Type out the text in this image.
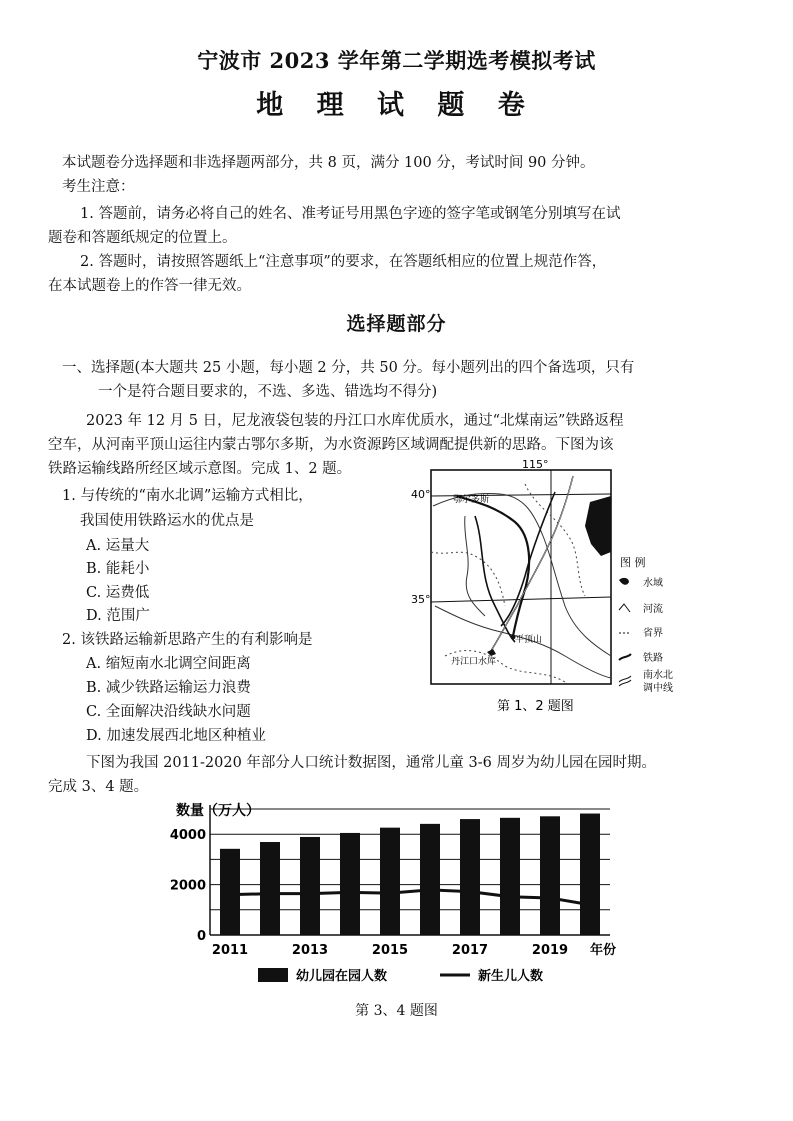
宁波市 2023 学年第二学期选考模拟考试
地 理 试 题 卷
本试题卷分选择题和非选择题两部分，共 8 页，满分 100 分，考试时间 90 分钟。
考生注意：
1. 答题前，请务必将自己的姓名、准考证号用黑色字迹的签字笔或钢笔分别填写在试
题卷和答题纸规定的位置上。
2. 答题时，请按照答题纸上“注意事项”的要求，在答题纸相应的位置上规范作答，
在本试题卷上的作答一律无效。
选择题部分
一、选择题(本大题共 25 小题，每小题 2 分，共 50 分。每小题列出的四个备选项，只有
一个是符合题目要求的，不选、多选、错选均不得分)
2023 年 12 月 5 日，尼龙液袋包装的丹江口水库优质水，通过“北煤南运”铁路返程
空车，从河南平顶山运往内蒙古鄂尔多斯，为水资源跨区域调配提供新的思路。下图为该
铁路运输线路所经区域示意图。完成 1、2 题。
1. 与传统的“南水北调”运输方式相比，
我国使用铁路运水的优点是
A. 运量大
B. 能耗小
C. 运费低
D. 范围广
2. 该铁路运输新思路产生的有利影响是
A. 缩短南水北调空间距离
B. 减少铁路运输运力浪费
C. 全面解决沿线缺水问题
D. 加速发展西北地区种植业
115°
40°
35°
鄂尔多斯
平顶山
丹江口水库
图 例
水域
河流
省界
铁路
南水北
调中线
第 1、2 题图
下图为我国 2011-2020 年部分人口统计数据图，通常儿童 3-6 周岁为幼儿园在园时期。
完成 3、4 题。
数量（万人）
0
2000
4000
2011	2013	2015	2017	2019 年份
幼儿园在园人数	新生儿人数
第 3、4 题图
